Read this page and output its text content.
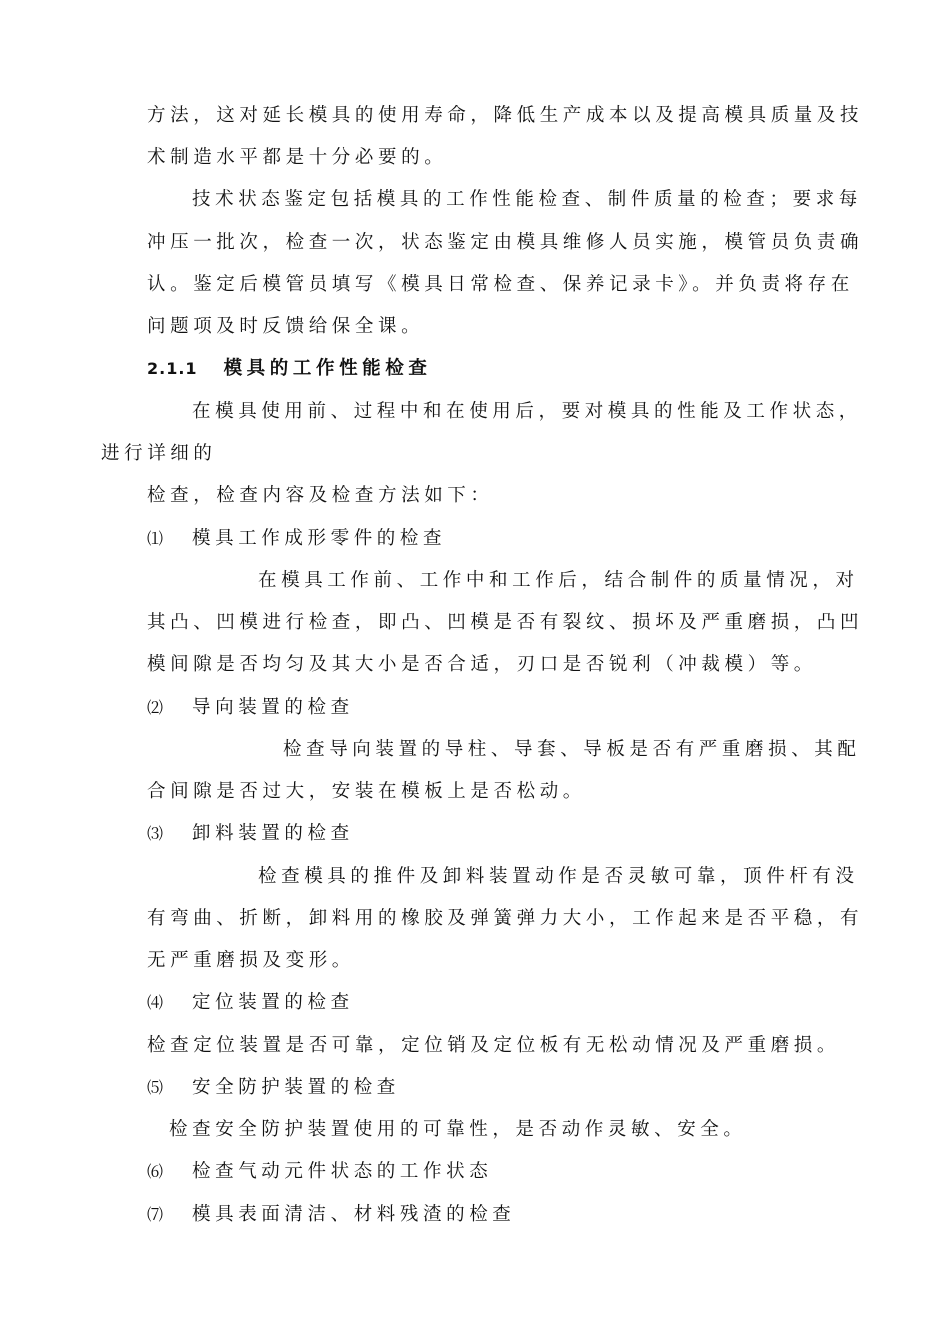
方法，这对延长模具的使用寿命，降低生产成本以及提高模具质量及技
术制造水平都是十分必要的。
技术状态鉴定包括模具的工作性能检查、制件质量的检查；要求每
冲压一批次，检查一次，状态鉴定由模具维修人员实施，模管员负责确
认。鉴定后模管员填写《模具日常检查、保养记录卡》。并负责将存在
问题项及时反馈给保全课。
2.1.1 模具的工作性能检查
在模具使用前、过程中和在使用后，要对模具的性能及工作状态，
进行详细的
检查，检查内容及检查方法如下：
⑴ 模具工作成形零件的检查
在模具工作前、工作中和工作后，结合制件的质量情况，对
其凸、凹模进行检查，即凸、凹模是否有裂纹、损坏及严重磨损，凸凹
模间隙是否均匀及其大小是否合适，刃口是否锐利（冲裁模）等。
⑵ 导向装置的检查
检查导向装置的导柱、导套、导板是否有严重磨损、其配
合间隙是否过大，安装在模板上是否松动。
⑶ 卸料装置的检查
检查模具的推件及卸料装置动作是否灵敏可靠，顶件杆有没
有弯曲、折断，卸料用的橡胶及弹簧弹力大小，工作起来是否平稳，有
无严重磨损及变形。
⑷ 定位装置的检查
检查定位装置是否可靠，定位销及定位板有无松动情况及严重磨损。
⑸ 安全防护装置的检查
检查安全防护装置使用的可靠性，是否动作灵敏、安全。
⑹ 检查气动元件状态的工作状态
⑺ 模具表面清洁、材料残渣的检查
